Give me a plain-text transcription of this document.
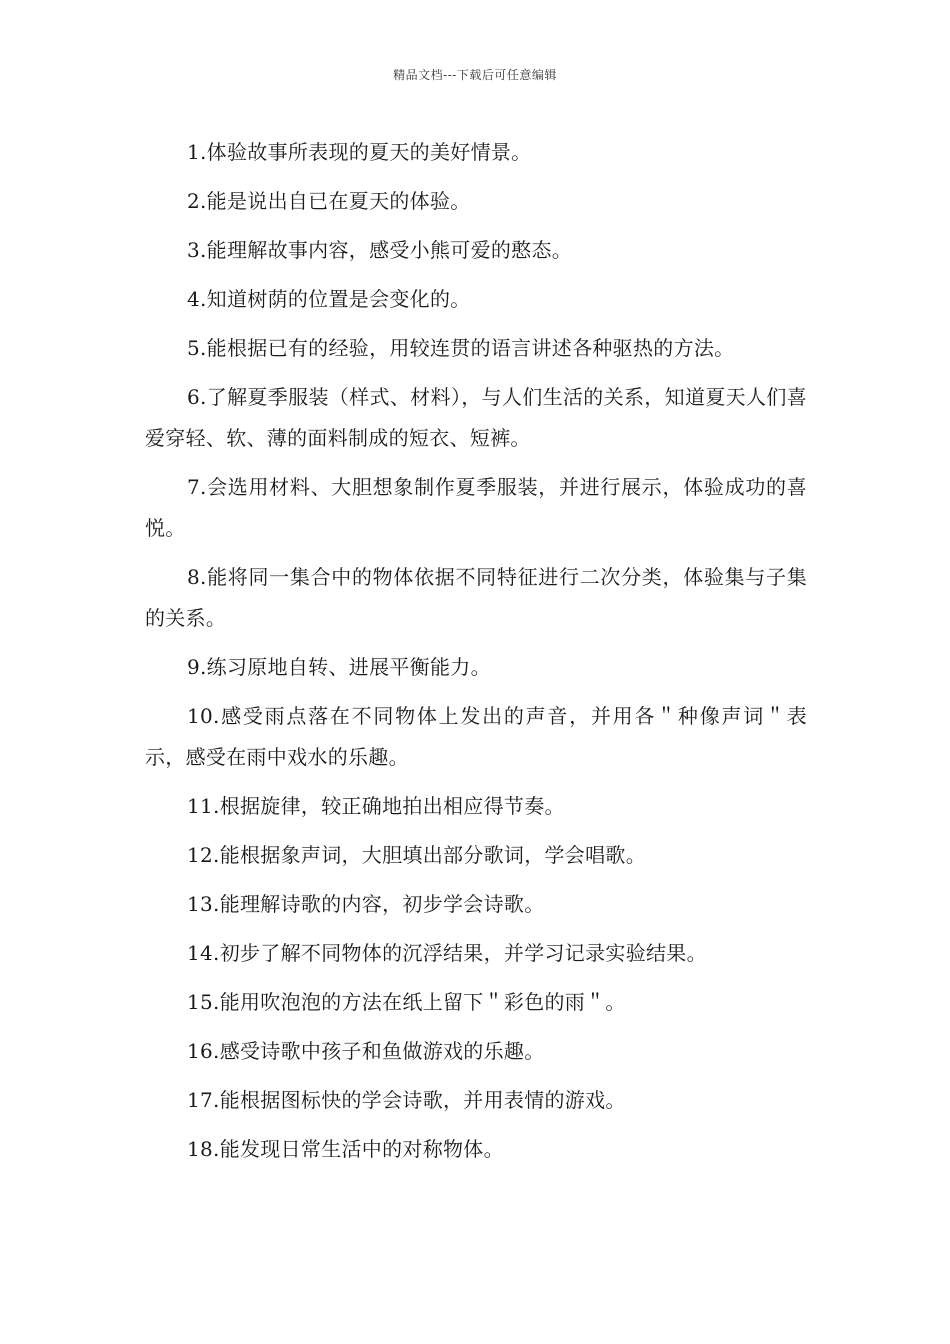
精品文档---下载后可任意编辑

1.体验故事所表现的夏天的美好情景。

2.能是说出自已在夏天的体验。

3.能理解故事内容，感受小熊可爱的憨态。

4.知道树荫的位置是会变化的。

5.能根据已有的经验，用较连贯的语言讲述各种驱热的方法。

6.了解夏季服装（样式、材料），与人们生活的关系，知道夏天人们喜爱穿轻、软、薄的面料制成的短衣、短裤。

7.会选用材料、大胆想象制作夏季服装，并进行展示，体验成功的喜悦。

8.能将同一集合中的物体依据不同特征进行二次分类，体验集与子集的关系。

9.练习原地自转、进展平衡能力。

10.感受雨点落在不同物体上发出的声音，并用各＂种像声词＂表示，感受在雨中戏水的乐趣。

11.根据旋律，较正确地拍出相应得节奏。

12.能根据象声词，大胆填出部分歌词，学会唱歌。

13.能理解诗歌的内容，初步学会诗歌。

14.初步了解不同物体的沉浮结果，并学习记录实验结果。

15.能用吹泡泡的方法在纸上留下＂彩色的雨＂。

16.感受诗歌中孩子和鱼做游戏的乐趣。

17.能根据图标快的学会诗歌，并用表情的游戏。

18.能发现日常生活中的对称物体。
